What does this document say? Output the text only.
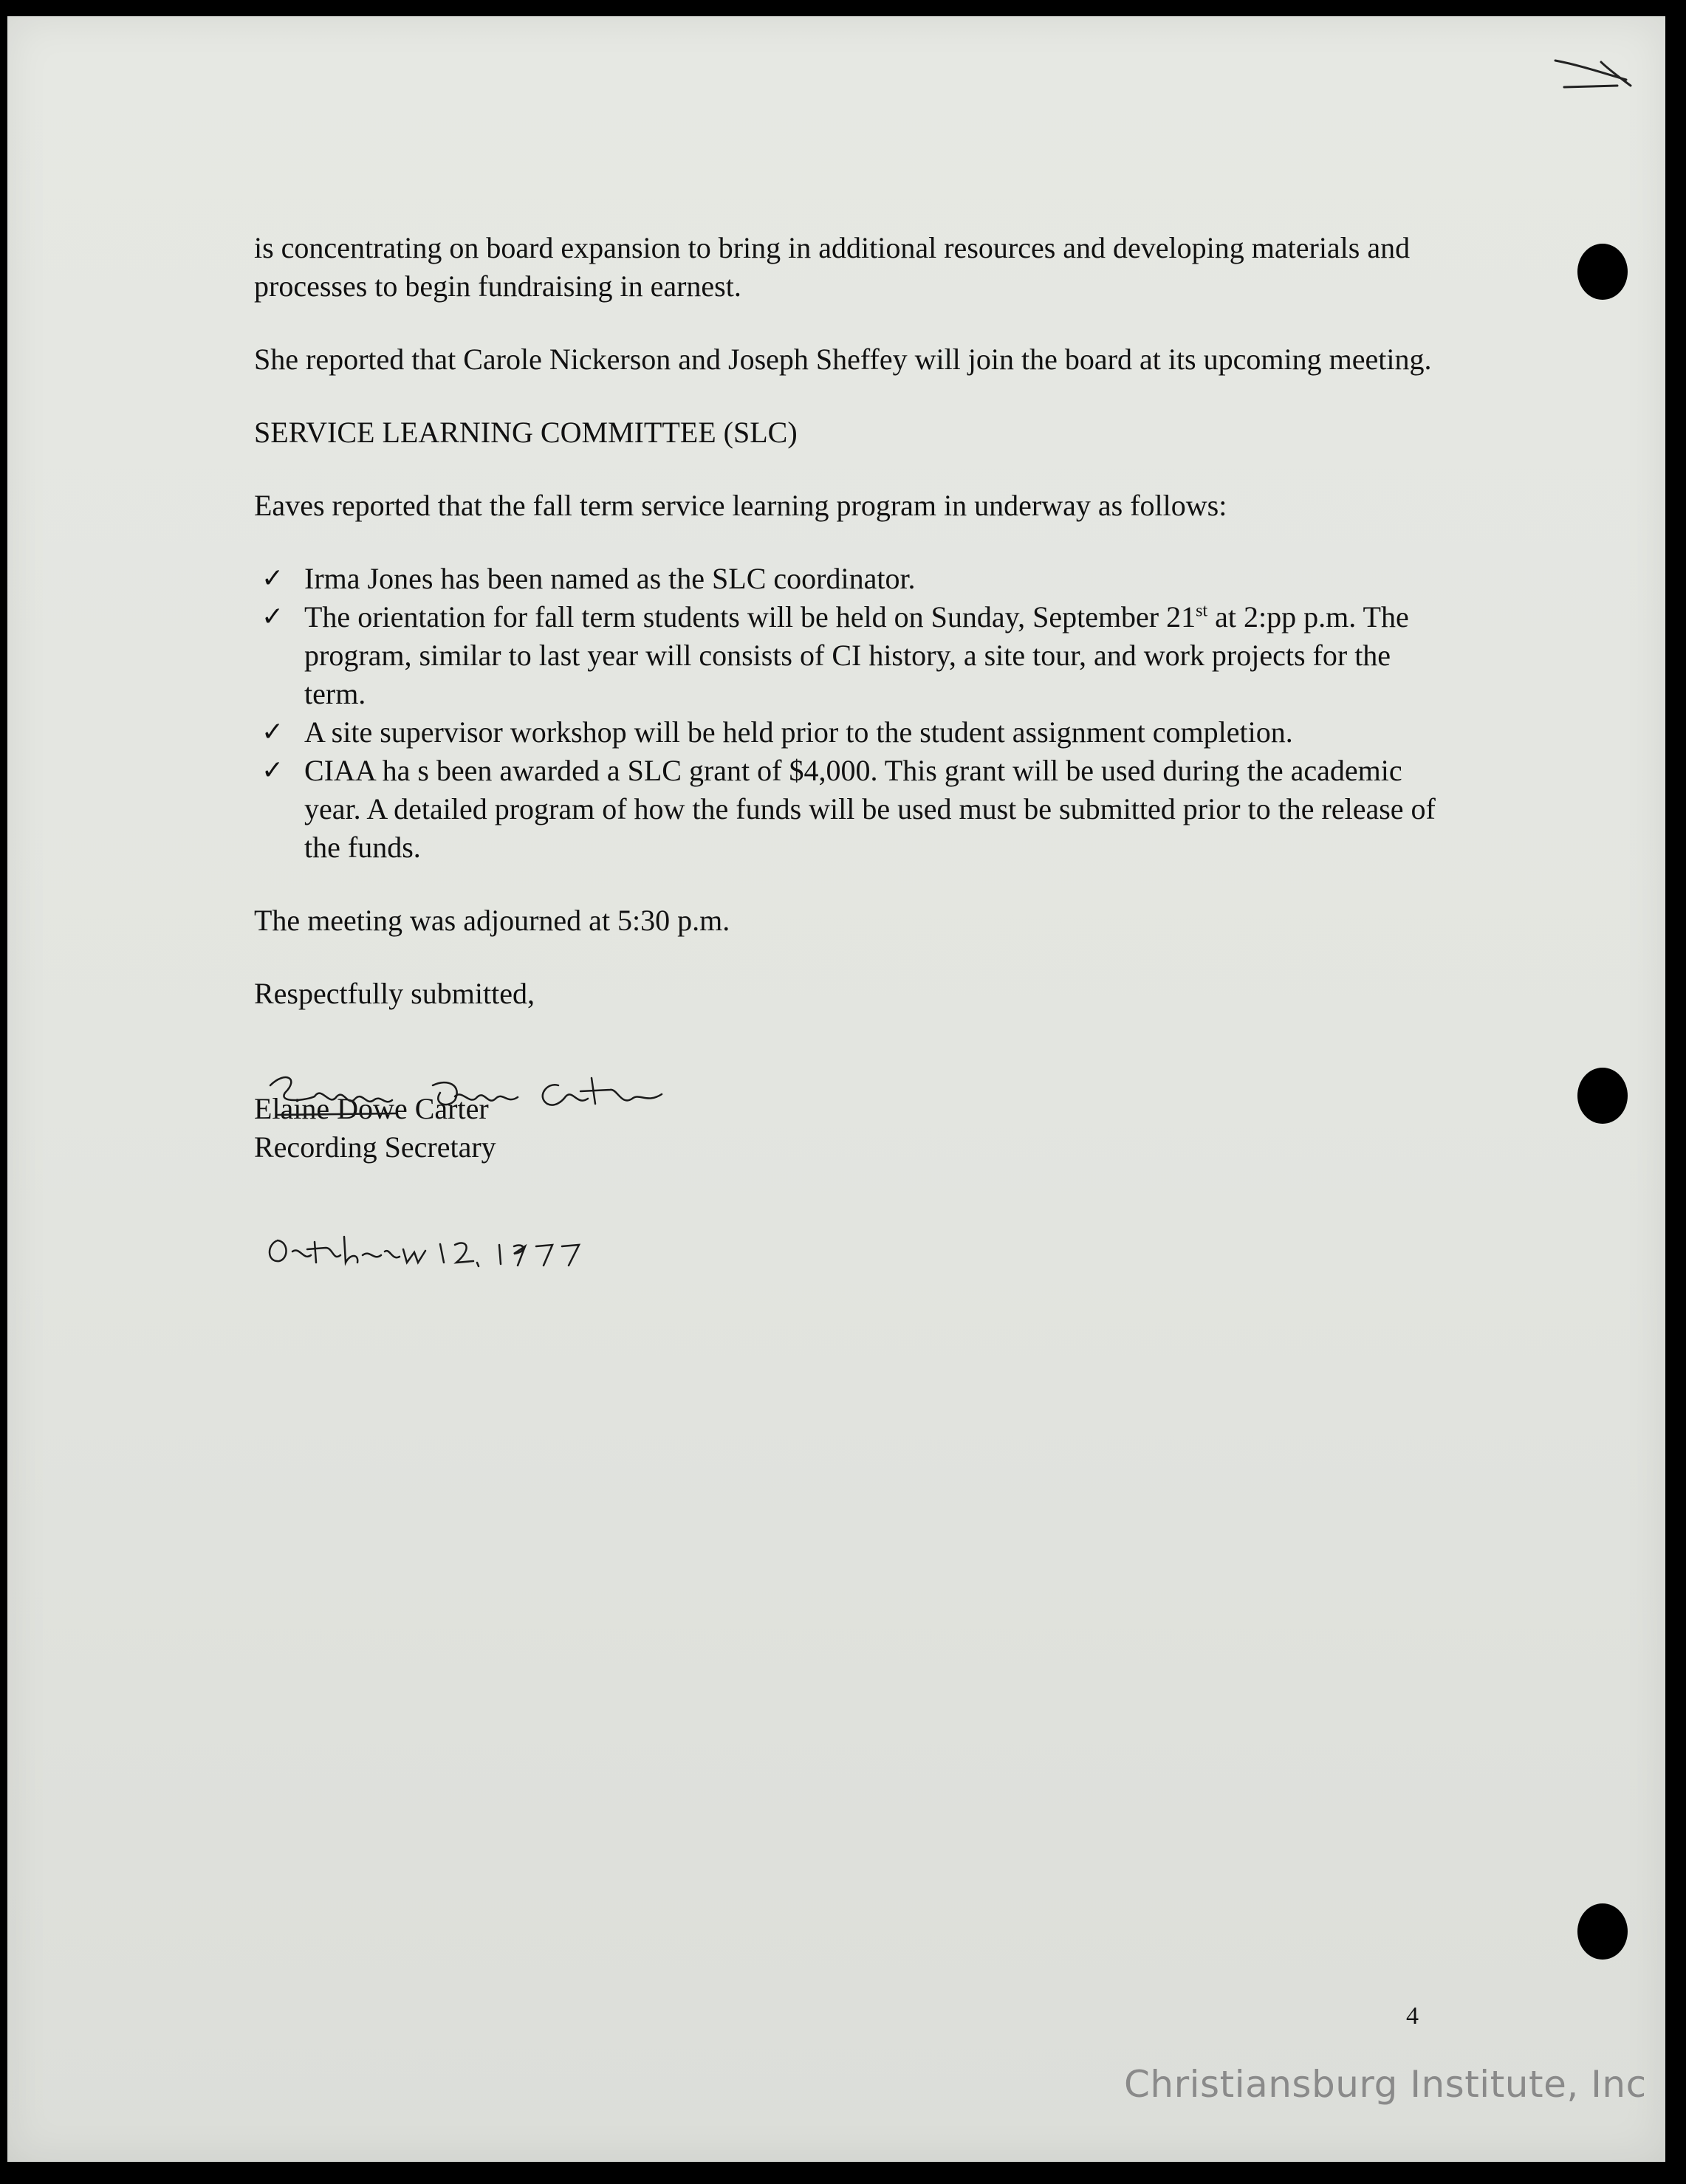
is concentrating on board expansion to bring in additional resources and developing materials and processes to begin fundraising in earnest.

She reported that Carole Nickerson and Joseph Sheffey will join the board at its upcoming meeting.

SERVICE LEARNING COMMITTEE (SLC)

Eaves reported that the fall term service learning program in underway as follows:

✓ Irma Jones has been named as the SLC coordinator.
✓ The orientation for fall term students will be held on Sunday, September 21st at 2:pp p.m. The program, similar to last year will consists of CI history, a site tour, and work projects for the term.
✓ A site supervisor workshop will be held prior to the student assignment completion.
✓ CIAA ha s been awarded a SLC grant of $4,000. This grant will be used during the academic year. A detailed program of how the funds will be used must be submitted prior to the release of the funds.

The meeting was adjourned at 5:30 p.m.

Respectfully submitted,

Elaine Dowe Carter

Recording Secretary

4
Christiansburg Institute, Inc
